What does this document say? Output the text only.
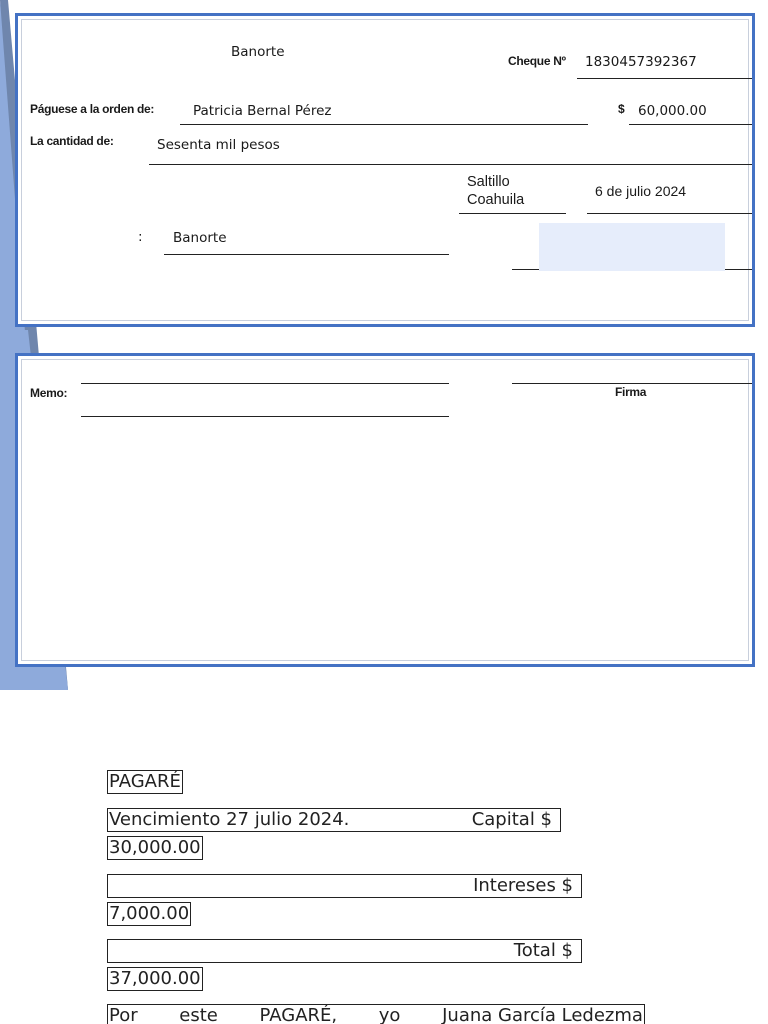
Banorte
Cheque Nº 1830457392367
Páguese a la orden de:	Patricia Bernal Pérez	$ 60,000.00
La cantidad de:	Sesenta mil pesos
Saltillo
Coahuila
6 de julio 2024
: Banorte
Memo:	Firma
PAGARÉ
Vencimiento 27 julio 2024.	Capital $
30,000.00
Intereses $
7,000.00
Total $
37,000.00
Por este PAGARÉ, yo Juana García Ledezma
